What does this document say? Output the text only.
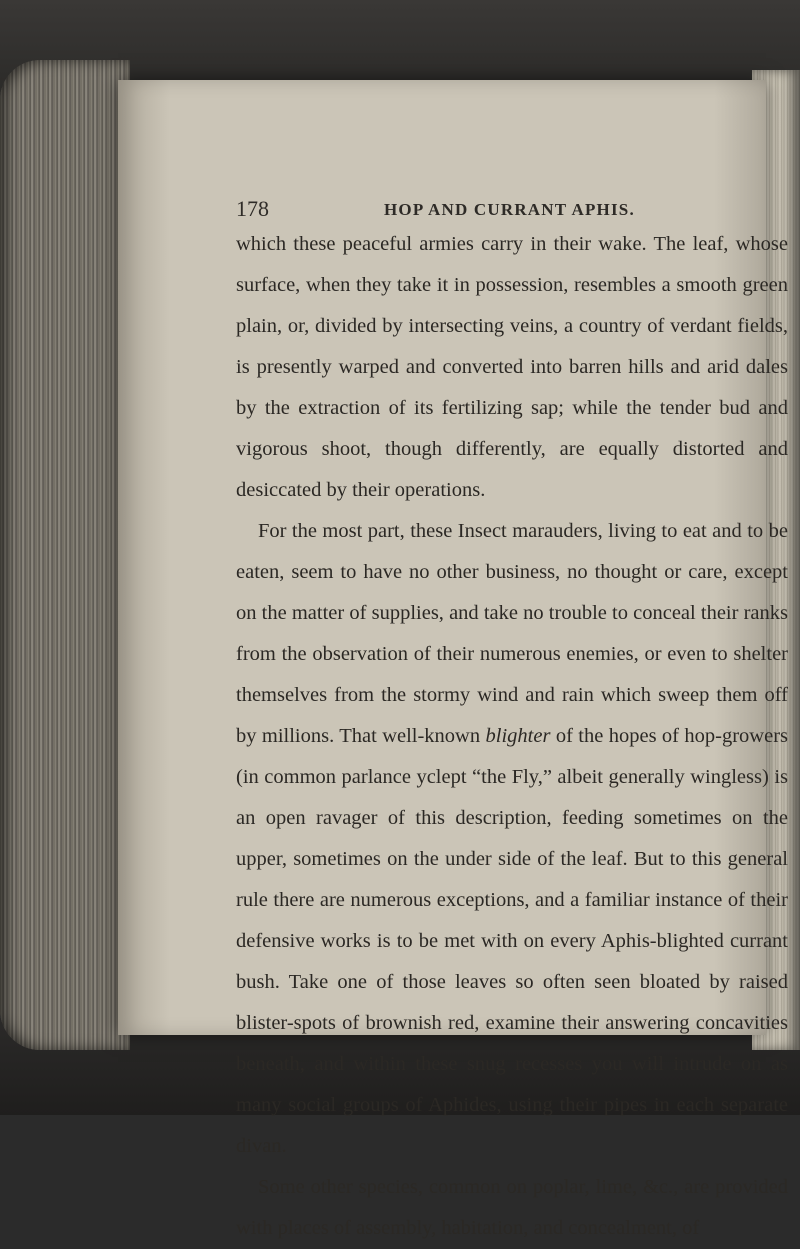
178	HOP AND CURRANT APHIS.

which these peaceful armies carry in their wake. The leaf, whose surface, when they take it in possession, resembles a smooth green plain, or, divided by intersecting veins, a country of verdant fields, is presently warped and converted into barren hills and arid dales by the extraction of its fertilizing sap; while the tender bud and vigorous shoot, though differently, are equally distorted and desiccated by their operations.

For the most part, these Insect marauders, living to eat and to be eaten, seem to have no other business, no thought or care, except on the matter of supplies, and take no trouble to conceal their ranks from the observation of their numerous enemies, or even to shelter themselves from the stormy wind and rain which sweep them off by millions. That well-known blighter of the hopes of hop-growers (in common parlance yclept “the Fly,” albeit generally wingless) is an open ravager of this description, feeding sometimes on the upper, sometimes on the under side of the leaf. But to this general rule there are numerous exceptions, and a familiar instance of their defensive works is to be met with on every Aphis-blighted currant bush. Take one of those leaves so often seen bloated by raised blister-spots of brownish red, examine their answering concavities beneath, and within these snug recesses you will intrude on as many social groups of Aphides, using their pipes in each separate divan.

Some other species, common on poplar, lime, &c., are provided with places of assembly, habitation, and concealment, of
